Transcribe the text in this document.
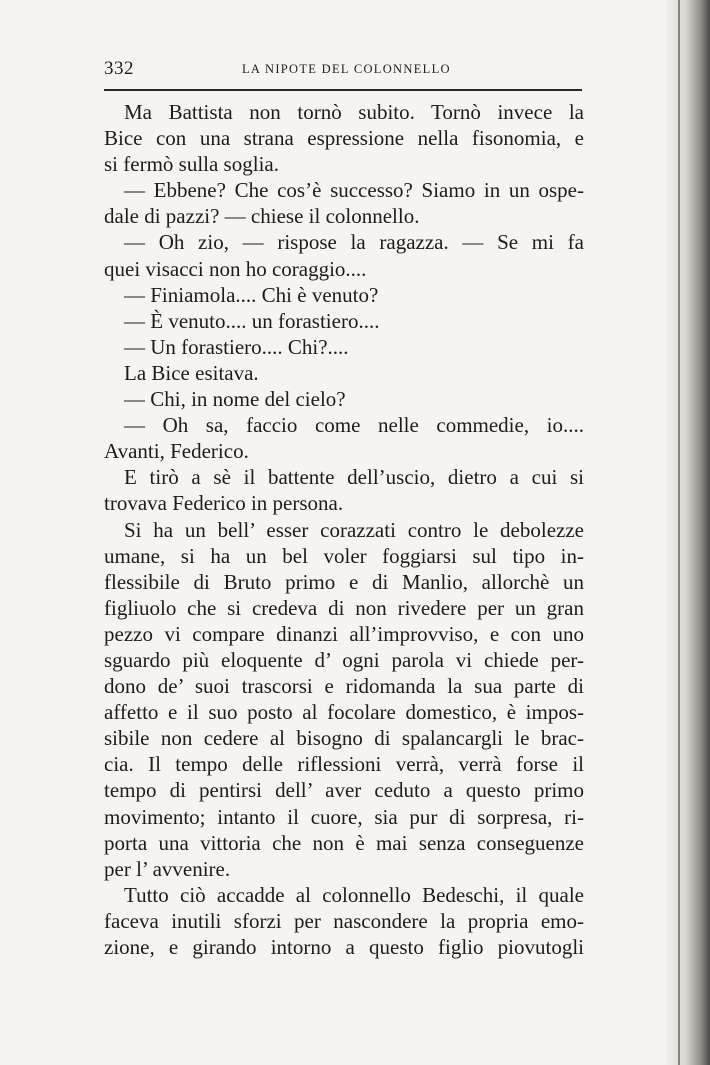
332	LA NIPOTE DEL COLONNELLO
Ma Battista non tornò subito. Tornò invece la
Bice con una strana espressione nella fisonomia, e
si fermò sulla soglia.
— Ebbene? Che cos’è successo? Siamo in un ospe-
dale di pazzi? — chiese il colonnello.
— Oh zio, — rispose la ragazza. — Se mi fa
quei visacci non ho coraggio....
— Finiamola.... Chi è venuto?
— È venuto.... un forastiero....
— Un forastiero.... Chi?....
La Bice esitava.
— Chi, in nome del cielo?
— Oh sa, faccio come nelle commedie, io....
Avanti, Federico.
E tirò a sè il battente dell’uscio, dietro a cui si
trovava Federico in persona.
Si ha un bell’ esser corazzati contro le debolezze
umane, si ha un bel voler foggiarsi sul tipo in-
flessibile di Bruto primo e di Manlio, allorchè un
figliuolo che si credeva di non rivedere per un gran
pezzo vi compare dinanzi all’improvviso, e con uno
sguardo più eloquente d’ ogni parola vi chiede per-
dono de’ suoi trascorsi e ridomanda la sua parte di
affetto e il suo posto al focolare domestico, è impos-
sibile non cedere al bisogno di spalancargli le brac-
cia. Il tempo delle riflessioni verrà, verrà forse il
tempo di pentirsi dell’ aver ceduto a questo primo
movimento; intanto il cuore, sia pur di sorpresa, ri-
porta una vittoria che non è mai senza conseguenze
per l’ avvenire.
Tutto ciò accadde al colonnello Bedeschi, il quale
faceva inutili sforzi per nascondere la propria emo-
zione, e girando intorno a questo figlio piovutogli
